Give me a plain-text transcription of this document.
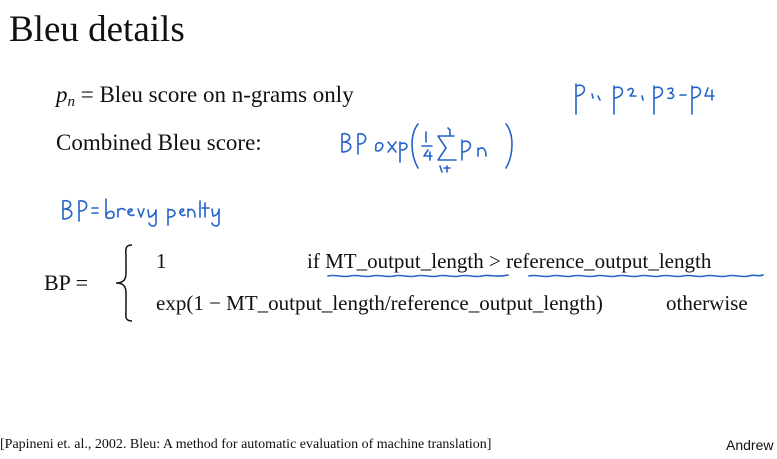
Bleu details
$p_n$ = Bleu score on n-grams only
Combined Bleu score:
BP =
1	if MT_output_length > reference_output_length
exp(1 − MT_output_length/reference_output_length)	otherwise
[Papineni et. al., 2002. Bleu: A method for automatic evaluation of machine translation]	Andrew
